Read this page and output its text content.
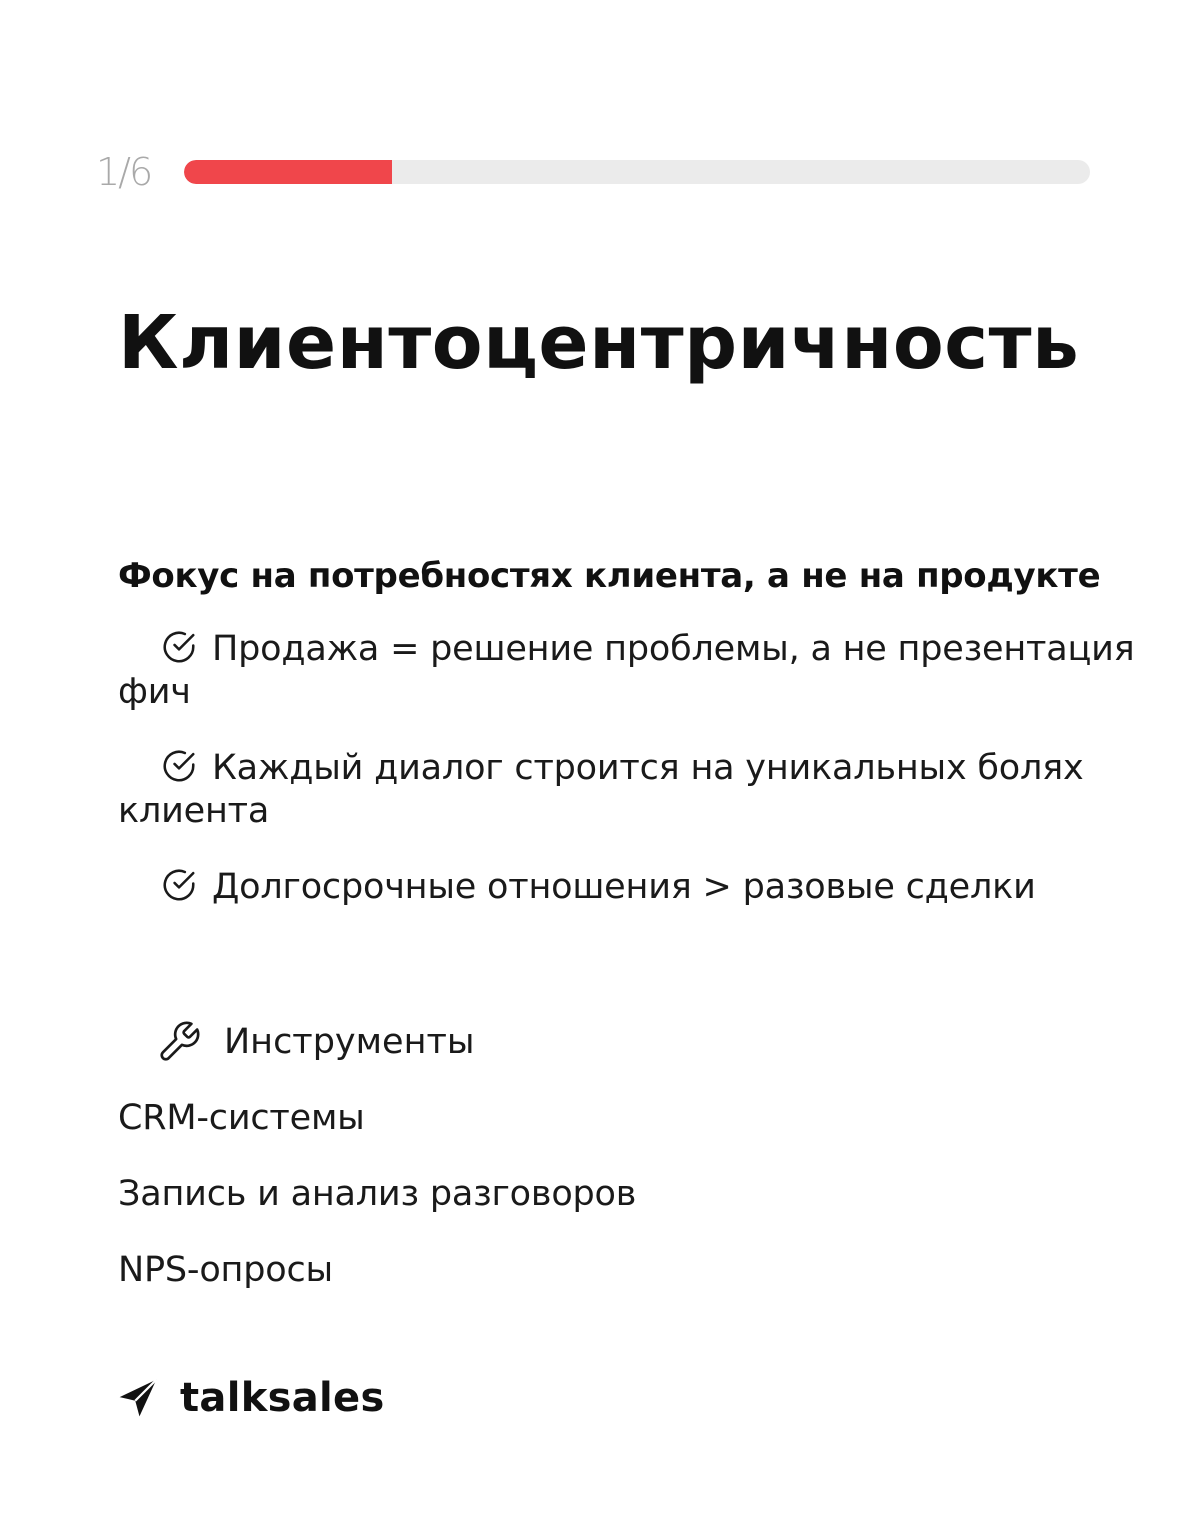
1/6
Клиентоцентричность
Фокус на потребностях клиента, а не на продукте
Продажа = решение проблемы, а не презентация фич
Каждый диалог строится на уникальных болях клиента
Долгосрочные отношения > разовые сделки
Инструменты
CRM-системы
Запись и анализ разговоров
NPS-опросы
talksales
